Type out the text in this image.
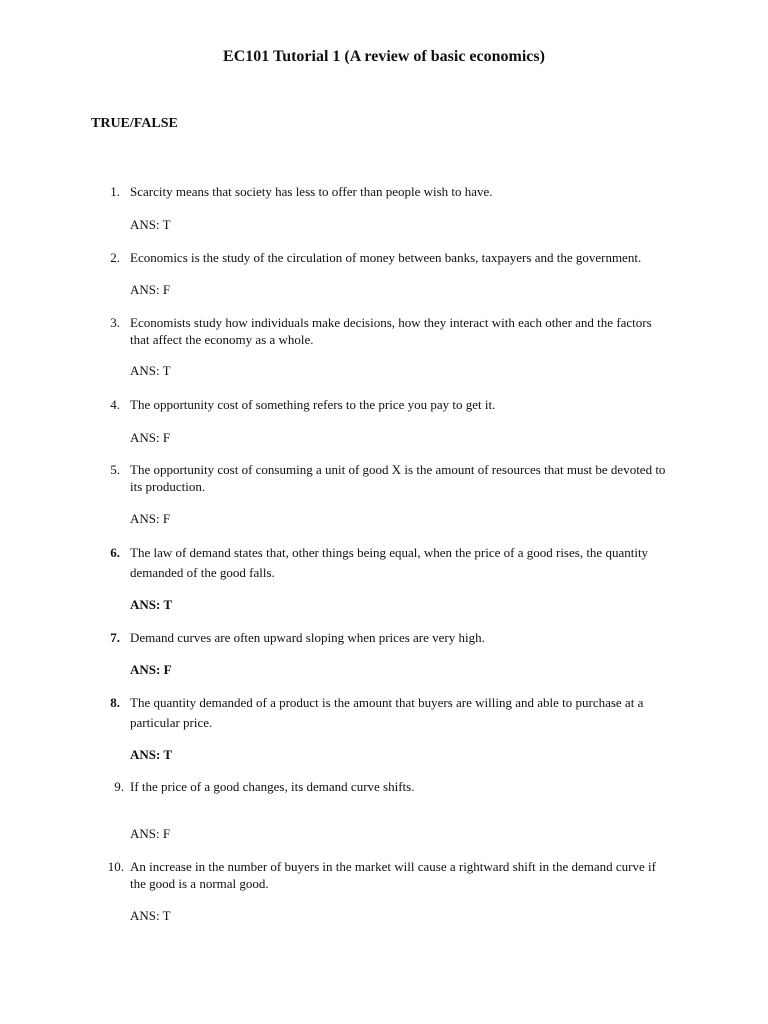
EC101 Tutorial 1 (A review of basic economics)
TRUE/FALSE
1. Scarcity means that society has less to offer than people wish to have.
ANS: T
2. Economics is the study of the circulation of money between banks, taxpayers and the government.
ANS: F
3. Economists study how individuals make decisions, how they interact with each other and the factors
that affect the economy as a whole.
ANS: T
4. The opportunity cost of something refers to the price you pay to get it.
ANS: F
5. The opportunity cost of consuming a unit of good X is the amount of resources that must be devoted to
its production.
ANS: F
6. The law of demand states that, other things being equal, when the price of a good rises, the quantity
demanded of the good falls.
ANS: T
7. Demand curves are often upward sloping when prices are very high.
ANS: F
8. The quantity demanded of a product is the amount that buyers are willing and able to purchase at a
particular price.
ANS: T
9. If the price of a good changes, its demand curve shifts.
ANS: F
10. An increase in the number of buyers in the market will cause a rightward shift in the demand curve if
the good is a normal good.
ANS: T
